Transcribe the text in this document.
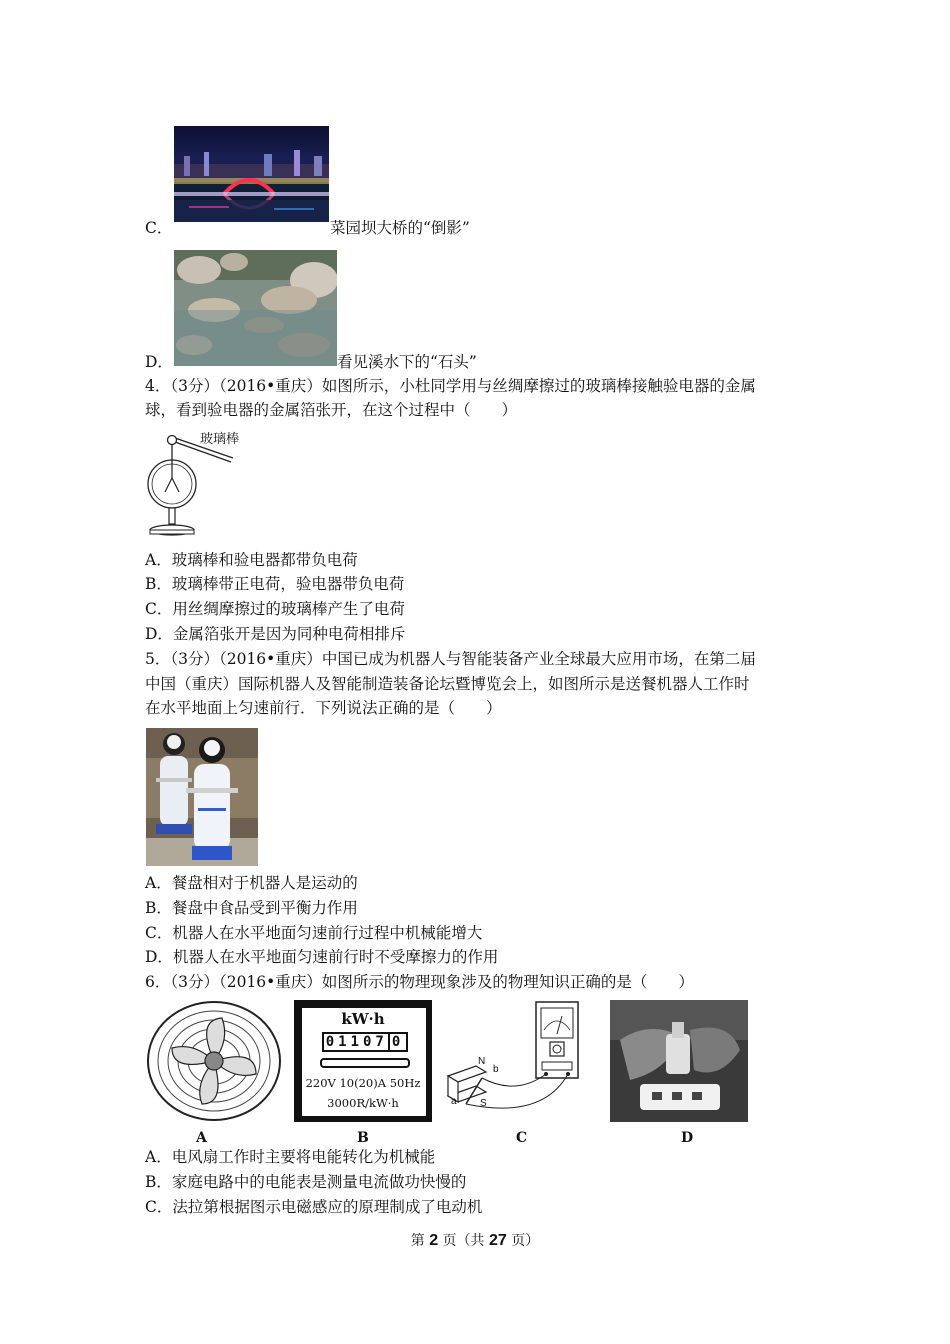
C．	菜园坝大桥的“倒影”
D．	看见溪水下的“石头”
4．（3分）（2016•重庆）如图所示，小杜同学用与丝绸摩擦过的玻璃棒接触验电器的金属
球，看到验电器的金属箔张开，在这个过程中（　　）
玻璃棒
A．玻璃棒和验电器都带负电荷
B．玻璃棒带正电荷，验电器带负电荷
C．用丝绸摩擦过的玻璃棒产生了电荷
D．金属箔张开是因为同种电荷相排斥
5．（3分）（2016•重庆）中国已成为机器人与智能装备产业全球最大应用市场，在第二届
中国（重庆）国际机器人及智能制造装备论坛暨博览会上，如图所示是送餐机器人工作时
在水平地面上匀速前行．下列说法正确的是（　　）
A．餐盘相对于机器人是运动的
B．餐盘中食品受到平衡力作用
C．机器人在水平地面匀速前行过程中机械能增大
D．机器人在水平地面匀速前行时不受摩擦力的作用
6．（3分）（2016•重庆）如图所示的物理现象涉及的物理知识正确的是（　　）
kW·h
01107 0
220V 10(20)A 50Hz
3000R/kW·h
N
b
a S
A	B	C	D
A．电风扇工作时主要将电能转化为机械能
B．家庭电路中的电能表是测量电流做功快慢的
C．法拉第根据图示电磁感应的原理制成了电动机
第 2 页（共 27 页）
